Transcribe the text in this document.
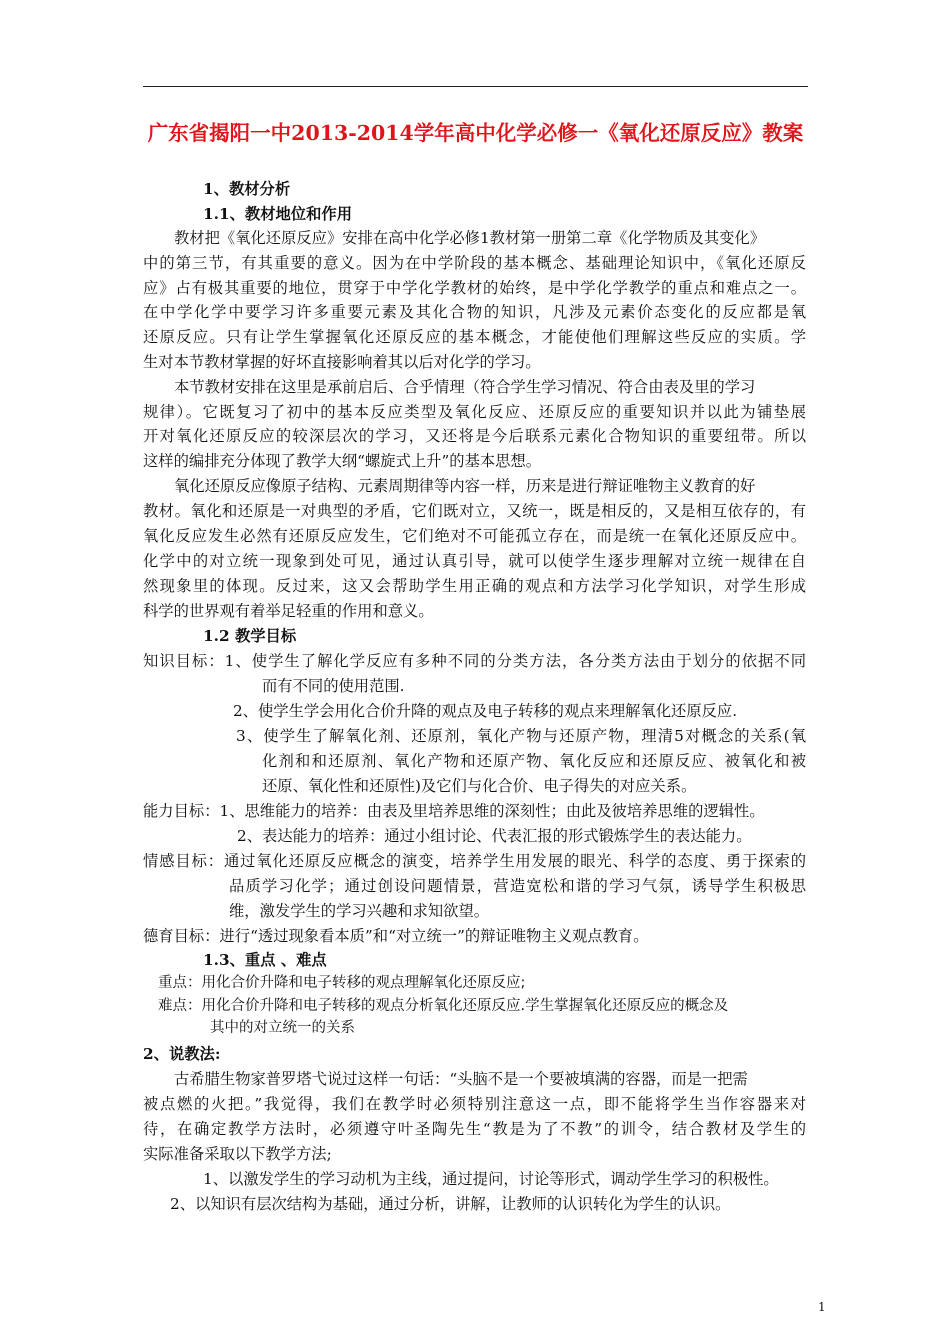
广东省揭阳一中2013-2014学年高中化学必修一《氧化还原反应》教案
1、教材分析
1.1、教材地位和作用
教材把《氧化还原反应》安排在高中化学必修1教材第一册第二章《化学物质及其变化》
中的第三节，有其重要的意义。因为在中学阶段的基本概念、基础理论知识中，《氧化还原反
应》占有极其重要的地位，贯穿于中学化学教材的始终，是中学化学教学的重点和难点之一。
在中学化学中要学习许多重要元素及其化合物的知识，凡涉及元素价态变化的反应都是氧
还原反应。只有让学生掌握氧化还原反应的基本概念，才能使他们理解这些反应的实质。学
生对本节教材掌握的好坏直接影响着其以后对化学的学习。
本节教材安排在这里是承前启后、合乎情理（符合学生学习情况、符合由表及里的学习
规律）。它既复习了初中的基本反应类型及氧化反应、还原反应的重要知识并以此为铺垫展
开对氧化还原反应的较深层次的学习，又还将是今后联系元素化合物知识的重要纽带。所以
这样的编排充分体现了教学大纲“螺旋式上升”的基本思想。
氧化还原反应像原子结构、元素周期律等内容一样，历来是进行辩证唯物主义教育的好
教材。氧化和还原是一对典型的矛盾，它们既对立，又统一，既是相反的，又是相互依存的，有
氧化反应发生必然有还原反应发生，它们绝对不可能孤立存在，而是统一在氧化还原反应中。
化学中的对立统一现象到处可见，通过认真引导，就可以使学生逐步理解对立统一规律在自
然现象里的体现。反过来，这又会帮助学生用正确的观点和方法学习化学知识，对学生形成
科学的世界观有着举足轻重的作用和意义。
1.2 教学目标
知识目标：1、使学生了解化学反应有多种不同的分类方法，各分类方法由于划分的依据不同
而有不同的使用范围.
2、使学生学会用化合价升降的观点及电子转移的观点来理解氧化还原反应.
3、使学生了解氧化剂、还原剂，氧化产物与还原产物，理清5对概念的关系(氧
化剂和和还原剂、氧化产物和还原产物、氧化反应和还原反应、被氧化和被
还原、氧化性和还原性)及它们与化合价、电子得失的对应关系。
能力目标：1、思维能力的培养：由表及里培养思维的深刻性；由此及彼培养思维的逻辑性。
2、表达能力的培养：通过小组讨论、代表汇报的形式锻炼学生的表达能力。
情感目标：通过氧化还原反应概念的演变，培养学生用发展的眼光、科学的态度、勇于探索的
品质学习化学；通过创设问题情景，营造宽松和谐的学习气氛，诱导学生积极思
维，激发学生的学习兴趣和求知欲望。
德育目标：进行“透过现象看本质”和“对立统一”的辩证唯物主义观点教育。
1.3、重点 、难点
重点：用化合价升降和电子转移的观点理解氧化还原反应;
难点：用化合价升降和电子转移的观点分析氧化还原反应.学生掌握氧化还原反应的概念及
其中的对立统一的关系
2、说教法:
古希腊生物家普罗塔弋说过这样一句话：“头脑不是一个要被填满的容器，而是一把需
被点燃的火把。”我觉得，我们在教学时必须特别注意这一点，即不能将学生当作容器来对
待，在确定教学方法时，必须遵守叶圣陶先生“教是为了不教”的训令，结合教材及学生的
实际准备采取以下教学方法;
1、以激发学生的学习动机为主线，通过提问，讨论等形式，调动学生学习的积极性。
2、以知识有层次结构为基础，通过分析，讲解，让教师的认识转化为学生的认识。
1
